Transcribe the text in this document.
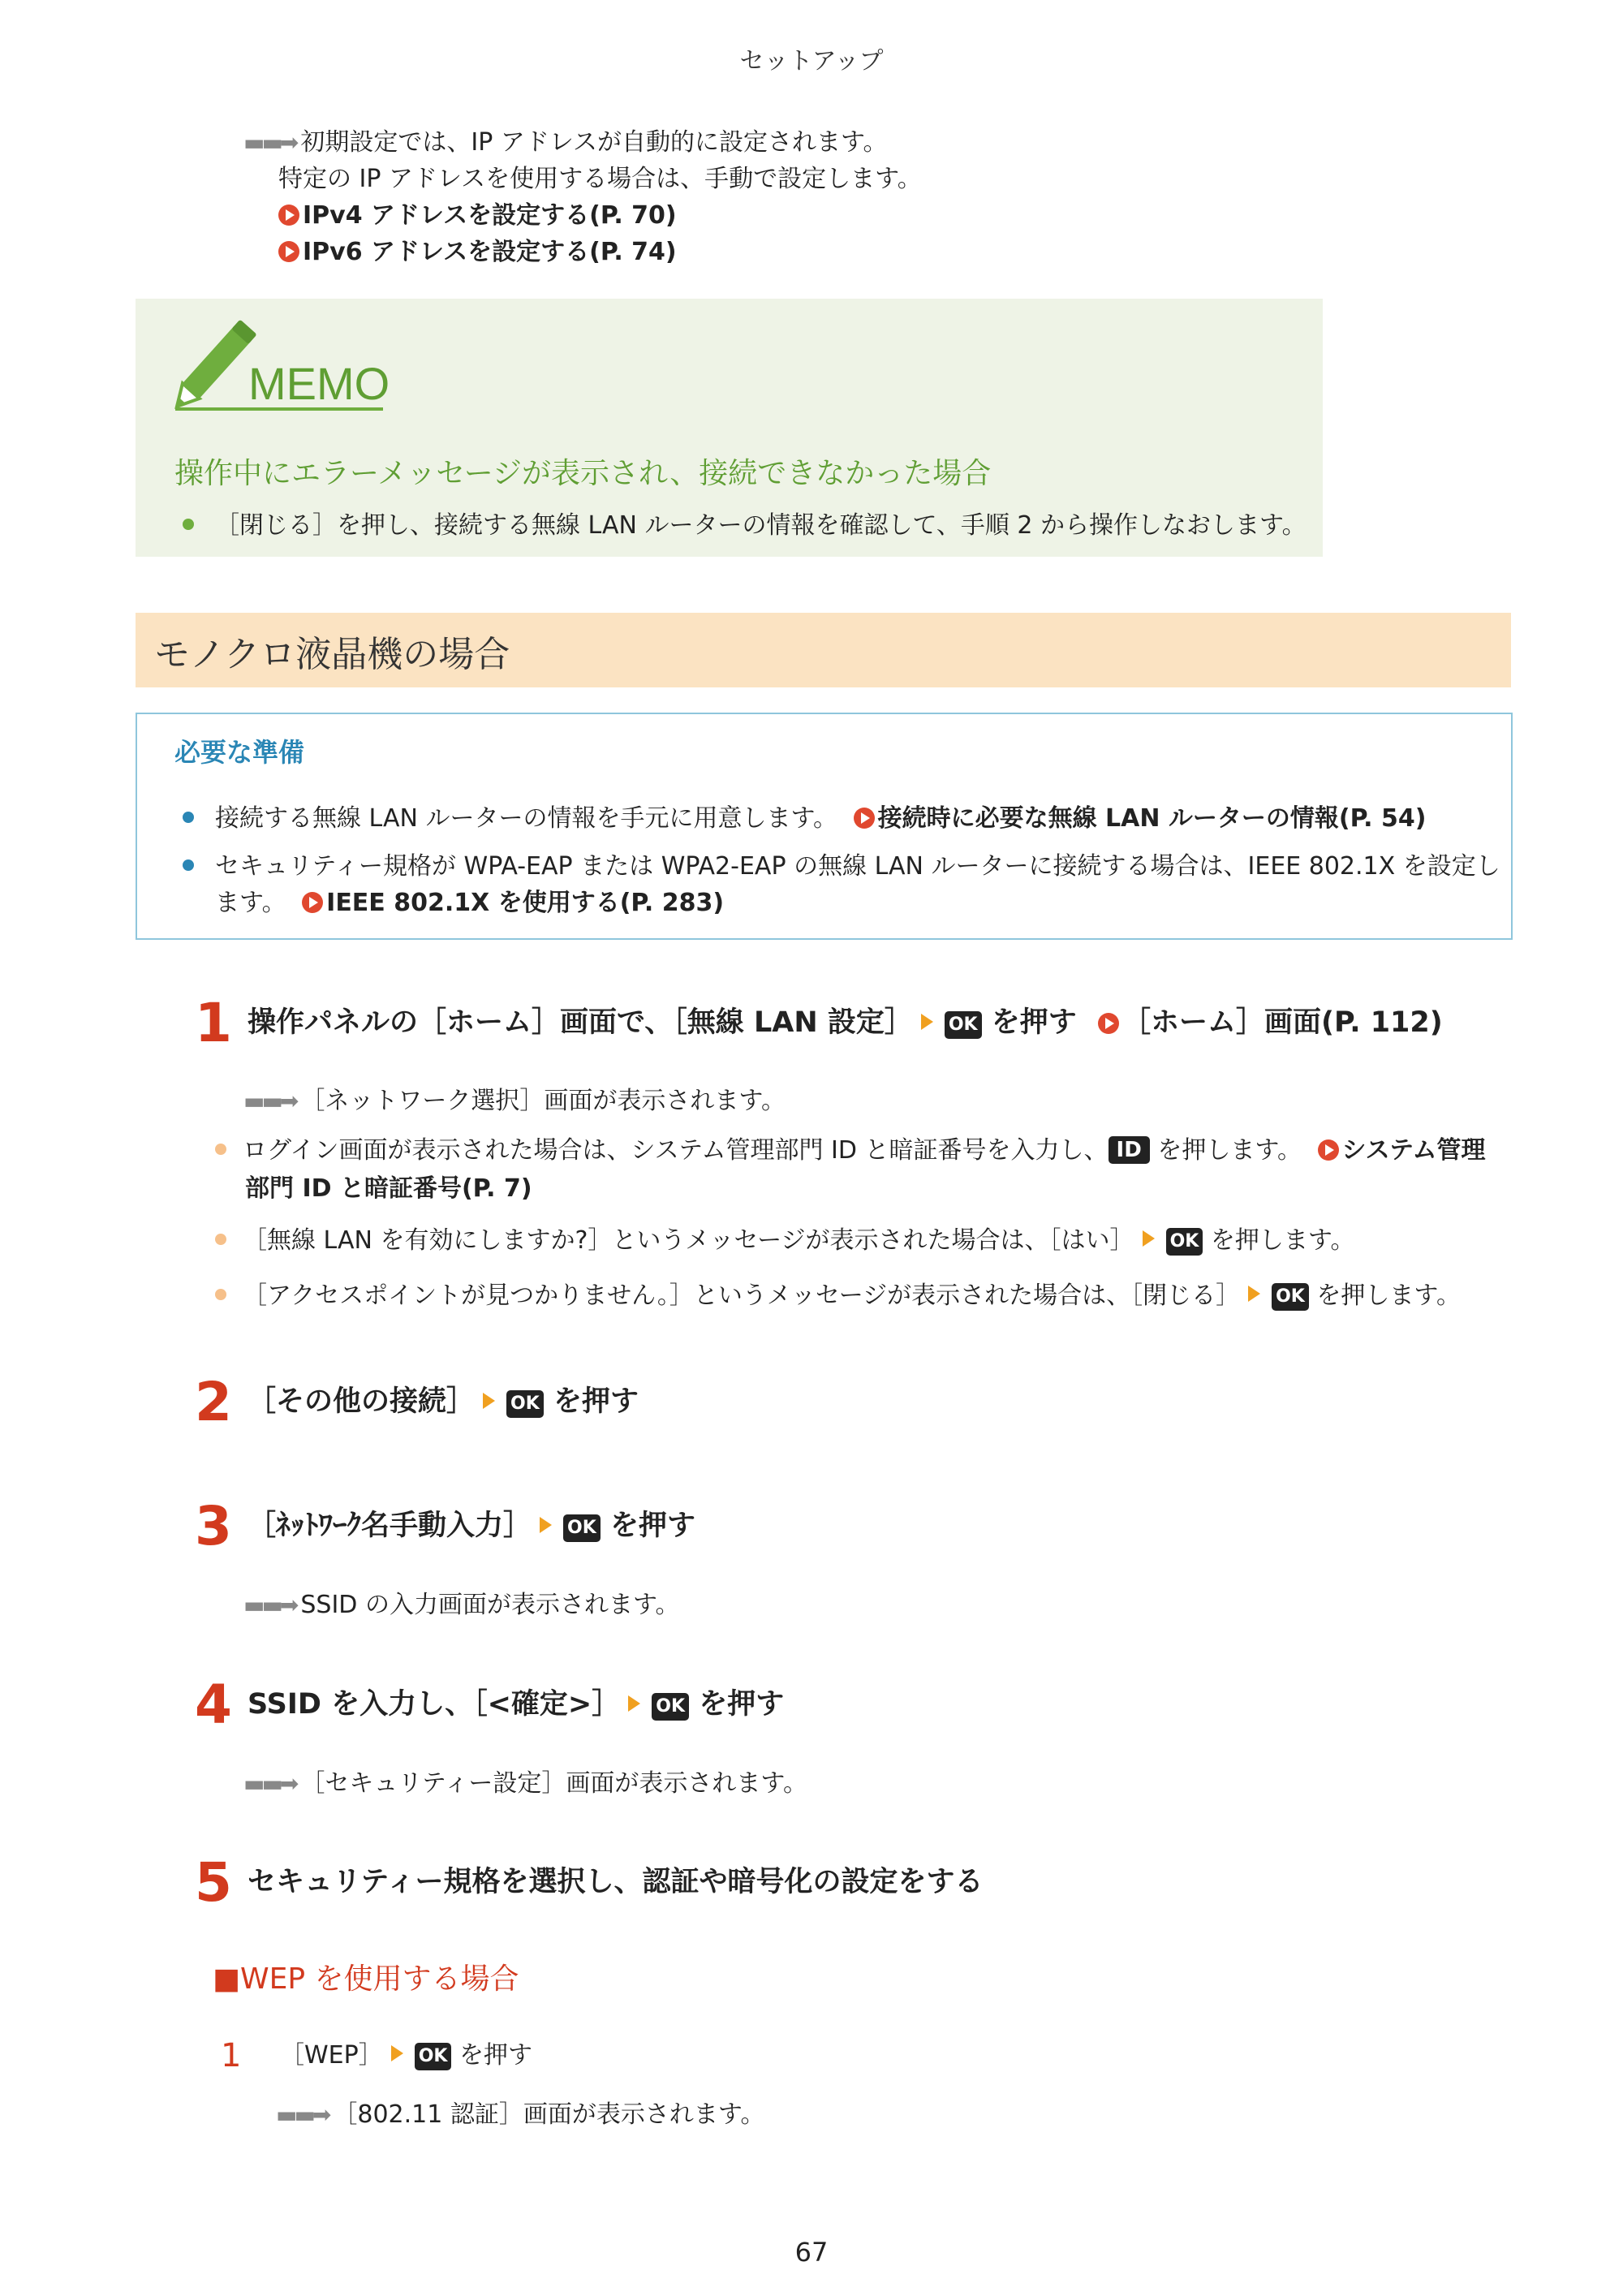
セットアップ
▬▬➡ 初期設定では、IP アドレスが自動的に設定されます。
特定の IP アドレスを使用する場合は、手動で設定します。
IPv4 アドレスを設定する(P. 70)
IPv6 アドレスを設定する(P. 74)
MEMO
操作中にエラーメッセージが表示され、接続できなかった場合
［閉じる］を押し、接続する無線 LAN ルーターの情報を確認して、手順 2 から操作しなおします。
モノクロ液晶機の場合
必要な準備
接続する無線 LAN ルーターの情報を手元に用意します。 接続時に必要な無線 LAN ルーターの情報(P. 54)
セキュリティー規格が WPA-EAP または WPA2-EAP の無線 LAN ルーターに接続する場合は、IEEE 802.1X を設定し
ます。 IEEE 802.1X を使用する(P. 283)
1 操作パネルの［ホーム］画面で、［無線 LAN 設定］ OK を押す ［ホーム］画面(P. 112)
▬▬➡ ［ネットワーク選択］画面が表示されます。
ログイン画面が表示された場合は、システム管理部門 ID と暗証番号を入力し、 ID を押します。 システム管理
部門 ID と暗証番号(P. 7)
［無線 LAN を有効にしますか?］というメッセージが表示された場合は、［はい］ OK を押します。
［アクセスポイントが見つかりません。］というメッセージが表示された場合は、［閉じる］ OK を押します。
2 ［その他の接続］ OK を押す
3 ［ﾈｯﾄﾜｰｸ名手動入力］ OK を押す
▬▬➡ SSID の入力画面が表示されます。
4 SSID を入力し、［<確定>］ OK を押す
▬▬➡ ［セキュリティー設定］画面が表示されます。
5 セキュリティー規格を選択し、認証や暗号化の設定をする
■WEP を使用する場合
1 ［WEP］ OK を押す
▬▬➡ ［802.11 認証］画面が表示されます。
67
